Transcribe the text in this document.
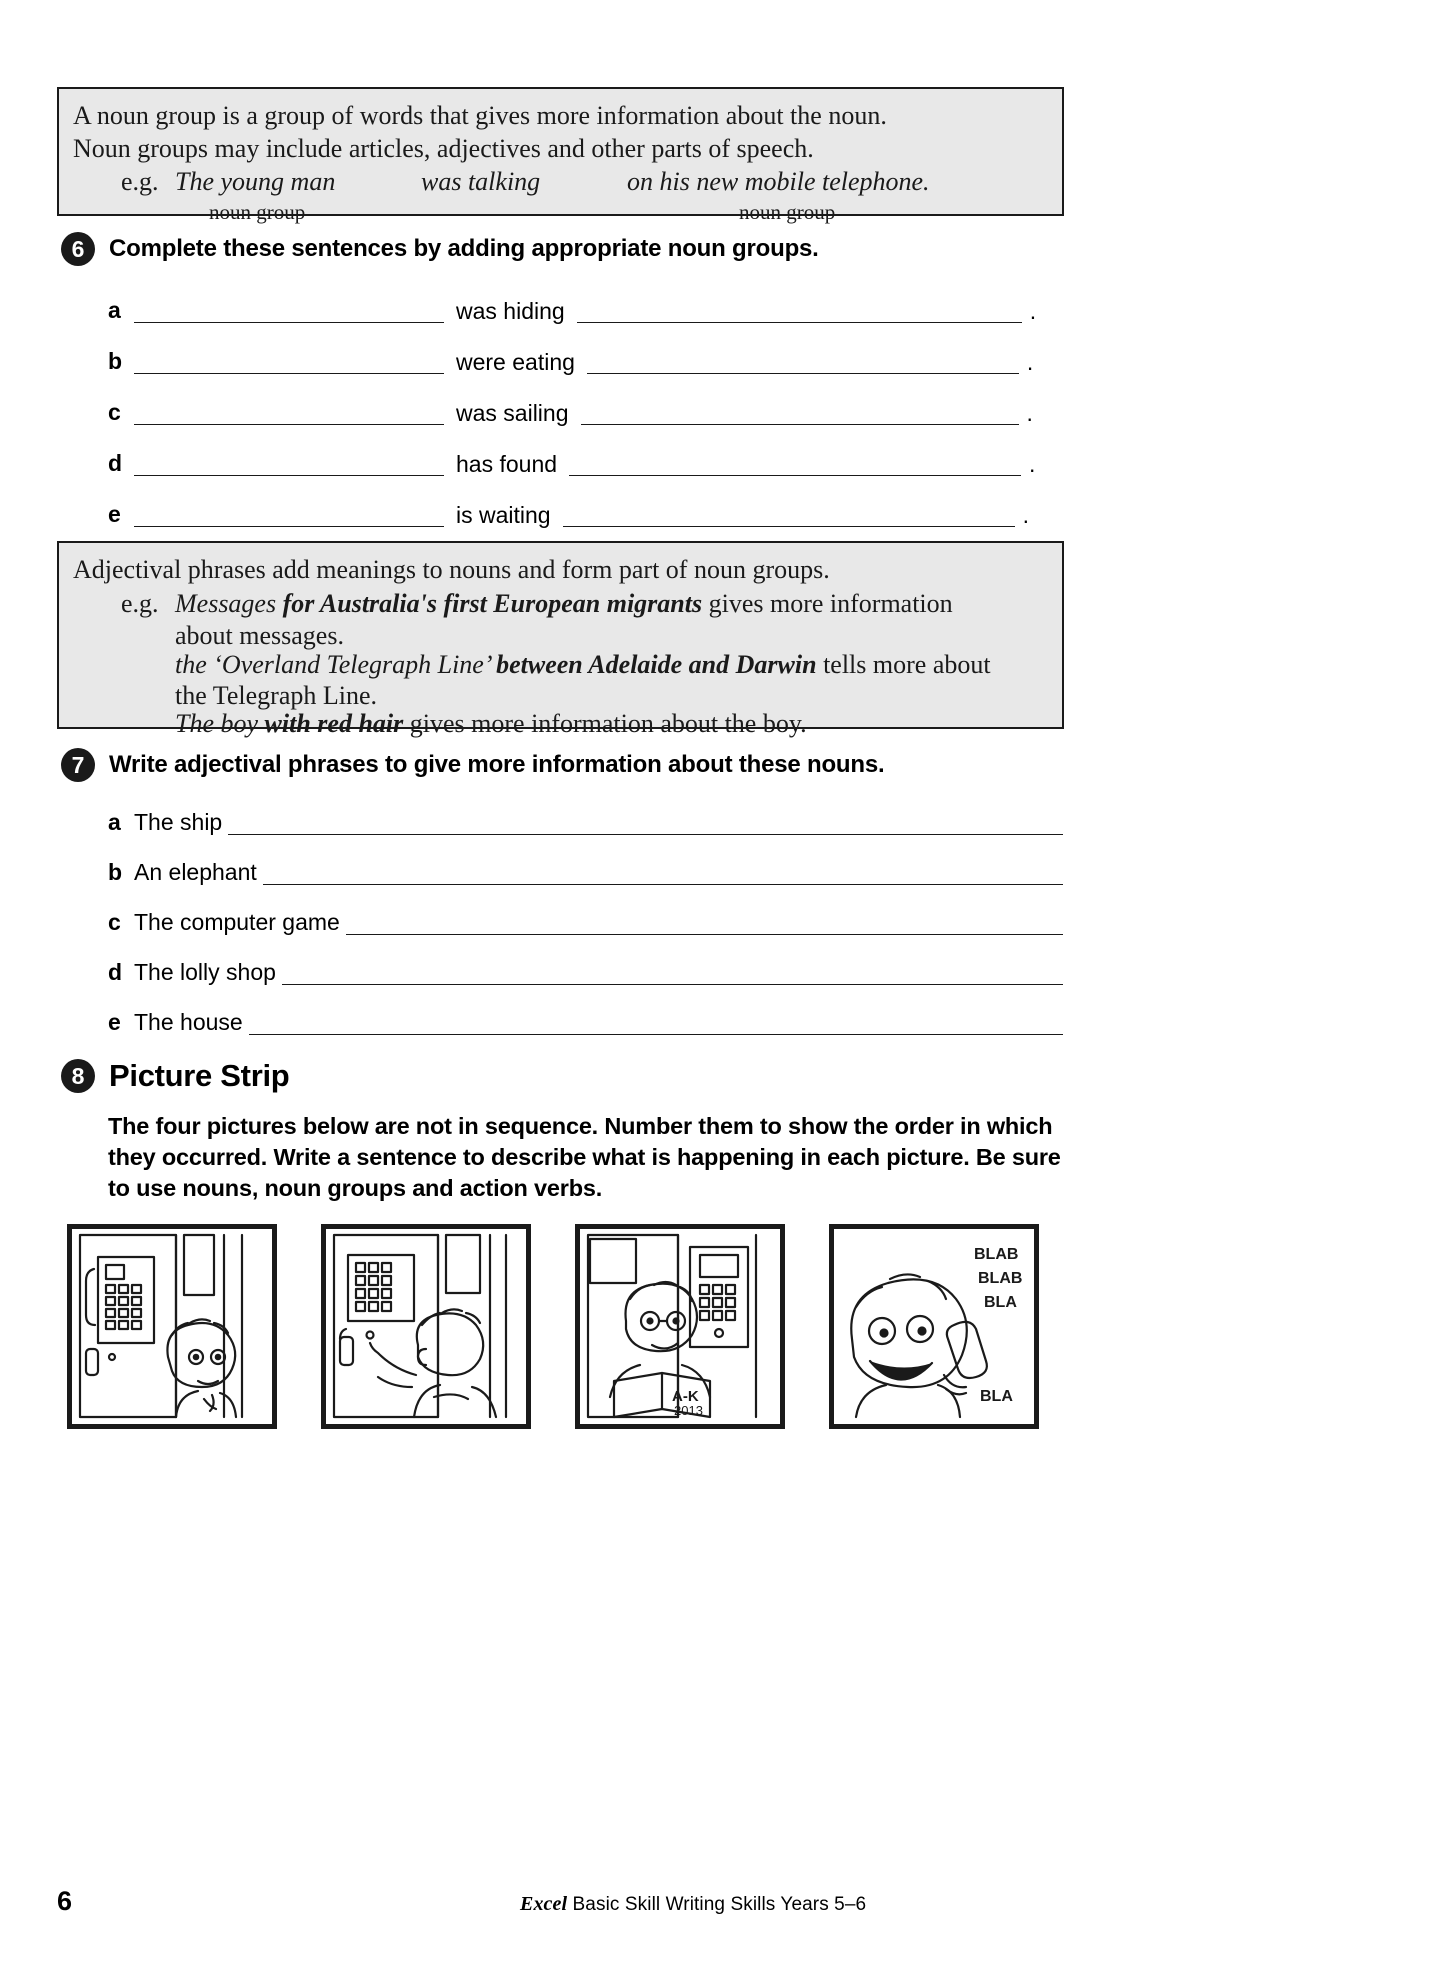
A noun group is a group of words that gives more information about the noun.
Noun groups may include articles, adjectives and other parts of speech.
e.g. The young man	was talking	on his new mobile telephone.
noun group	noun group
6	Complete these sentences by adding appropriate noun groups.
a	was hiding	.
b	were eating	.
c	was sailing	.
d	has found	.
e	is waiting	.
Adjectival phrases add meanings to nouns and form part of noun groups.
e.g. Messages for Australia's first European migrants gives more information
about messages.
the ‘Overland Telegraph Line’ between Adelaide and Darwin tells more about
the Telegraph Line.
The boy with red hair gives more information about the boy.
7	Write adjectival phrases to give more information about these nouns.
a The ship
b An elephant
c The computer game
d The lolly shop
e The house
8 Picture Strip
The four pictures below are not in sequence. Number them to show the order in which they occurred. Write a sentence to describe what is happening in each picture. Be sure to use nouns, noun groups and action verbs.
A-K
2013
BLAB
BLAB
BLA
BLA
6	Excel Basic Skill Writing Skills Years 5–6
